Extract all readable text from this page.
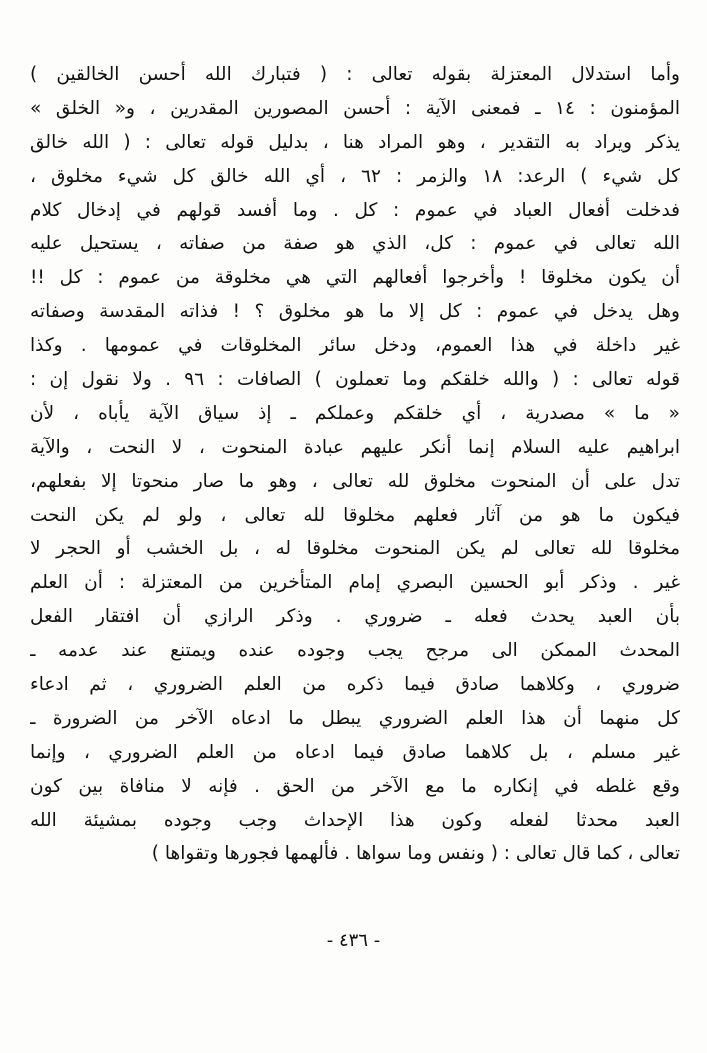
وأما استدلال المعتزلة بقوله تعالى : ( فتبارك الله أحسن الخالقين )
المؤمنون : ١٤ ـ فمعنى الآية : أحسن المصورين المقدرين ، و« الخلق »
يذكر ويراد به التقدير ، وهو المراد هنا ، بدليل قوله تعالى : ( الله خالق
كل شيء ) الرعد: ١٨ والزمر : ٦٢ ، أي الله خالق كل شيء مخلوق ،
فدخلت أفعال العباد في عموم : كل . وما أفسد قولهم في إدخال كلام
الله تعالى في عموم : كل، الذي هو صفة من صفاته ، يستحيل عليه
أن يكون مخلوقا ! وأخرجوا أفعالهم التي هي مخلوقة من عموم : كل !!
وهل يدخل في عموم : كل إلا ما هو مخلوق ؟ ! فذاته المقدسة وصفاته
غير داخلة في هذا العموم، ودخل سائر المخلوقات في عمومها . وكذا
قوله تعالى : ( والله خلقكم وما تعملون ) الصافات : ٩٦ . ولا نقول إن :
« ما » مصدرية ، أي خلقكم وعملكم ـ إذ سياق الآية يأباه ، لأن
ابراهيم عليه السلام إنما أنكر عليهم عبادة المنحوت ، لا النحت ، والآية
تدل على أن المنحوت مخلوق لله تعالى ، وهو ما صار منحوتا إلا بفعلهم،
فيكون ما هو من آثار فعلهم مخلوقا لله تعالى ، ولو لم يكن النحت
مخلوقا لله تعالى لم يكن المنحوت مخلوقا له ، بل الخشب أو الحجر لا
غير . وذكر أبو الحسين البصري إمام المتأخرين من المعتزلة : أن العلم
بأن العبد يحدث فعله ـ ضروري . وذكر الرازي أن افتقار الفعل
المحدث الممكن الى مرجح يجب وجوده عنده ويمتنع عند عدمه ـ
ضروري ، وكلاهما صادق فيما ذكره من العلم الضروري ، ثم ادعاء
كل منهما أن هذا العلم الضروري يبطل ما ادعاه الآخر من الضرورة ـ
غير مسلم ، بل كلاهما صادق فيما ادعاه من العلم الضروري ، وإنما
وقع غلطه في إنكاره ما مع الآخر من الحق . فإنه لا منافاة بين كون
العبد محدثا لفعله وكون هذا الإحداث وجب وجوده بمشيئة الله
تعالى ، كما قال تعالى : ( ونفس وما سواها . فألهمها فجورها وتقواها )
- ٤٣٦ -
